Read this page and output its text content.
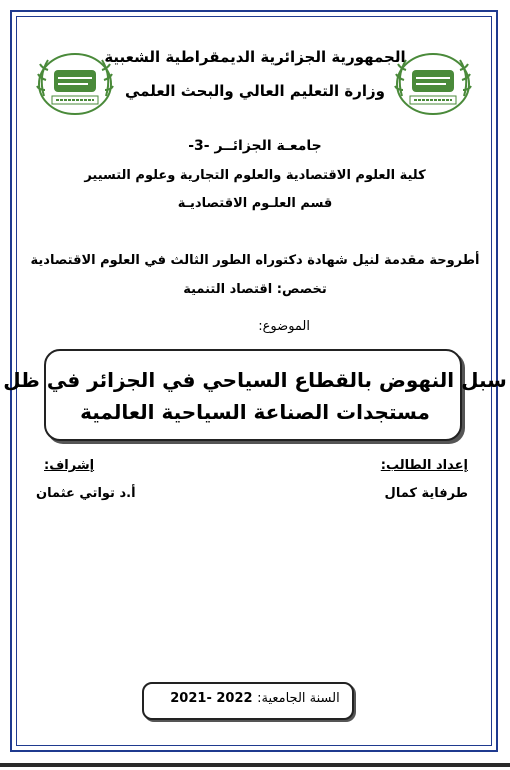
الجمهورية الجزائرية الديمقراطية الشعبية
وزارة التعليم العالي والبحث العلمي
جامعـة الجزائــر -3-
كلية العلوم الاقتصادية والعلوم التجارية وعلوم التسيير
قسم العلـوم الاقتصاديـة
أطروحة مقدمة لنيل شهادة دكتوراه الطور الثالث في العلوم الاقتصادية
تخصص: اقتصاد التنمية
الموضوع:
سبل النهوض بالقطاع السياحي في الجزائر في ظل
مستجدات الصناعة السياحية العالمية
إعداد الطالب:
طرفاية كمال
إشراف:
أ.د تواتي عثمان
السنة الجامعية: 2021- 2022
